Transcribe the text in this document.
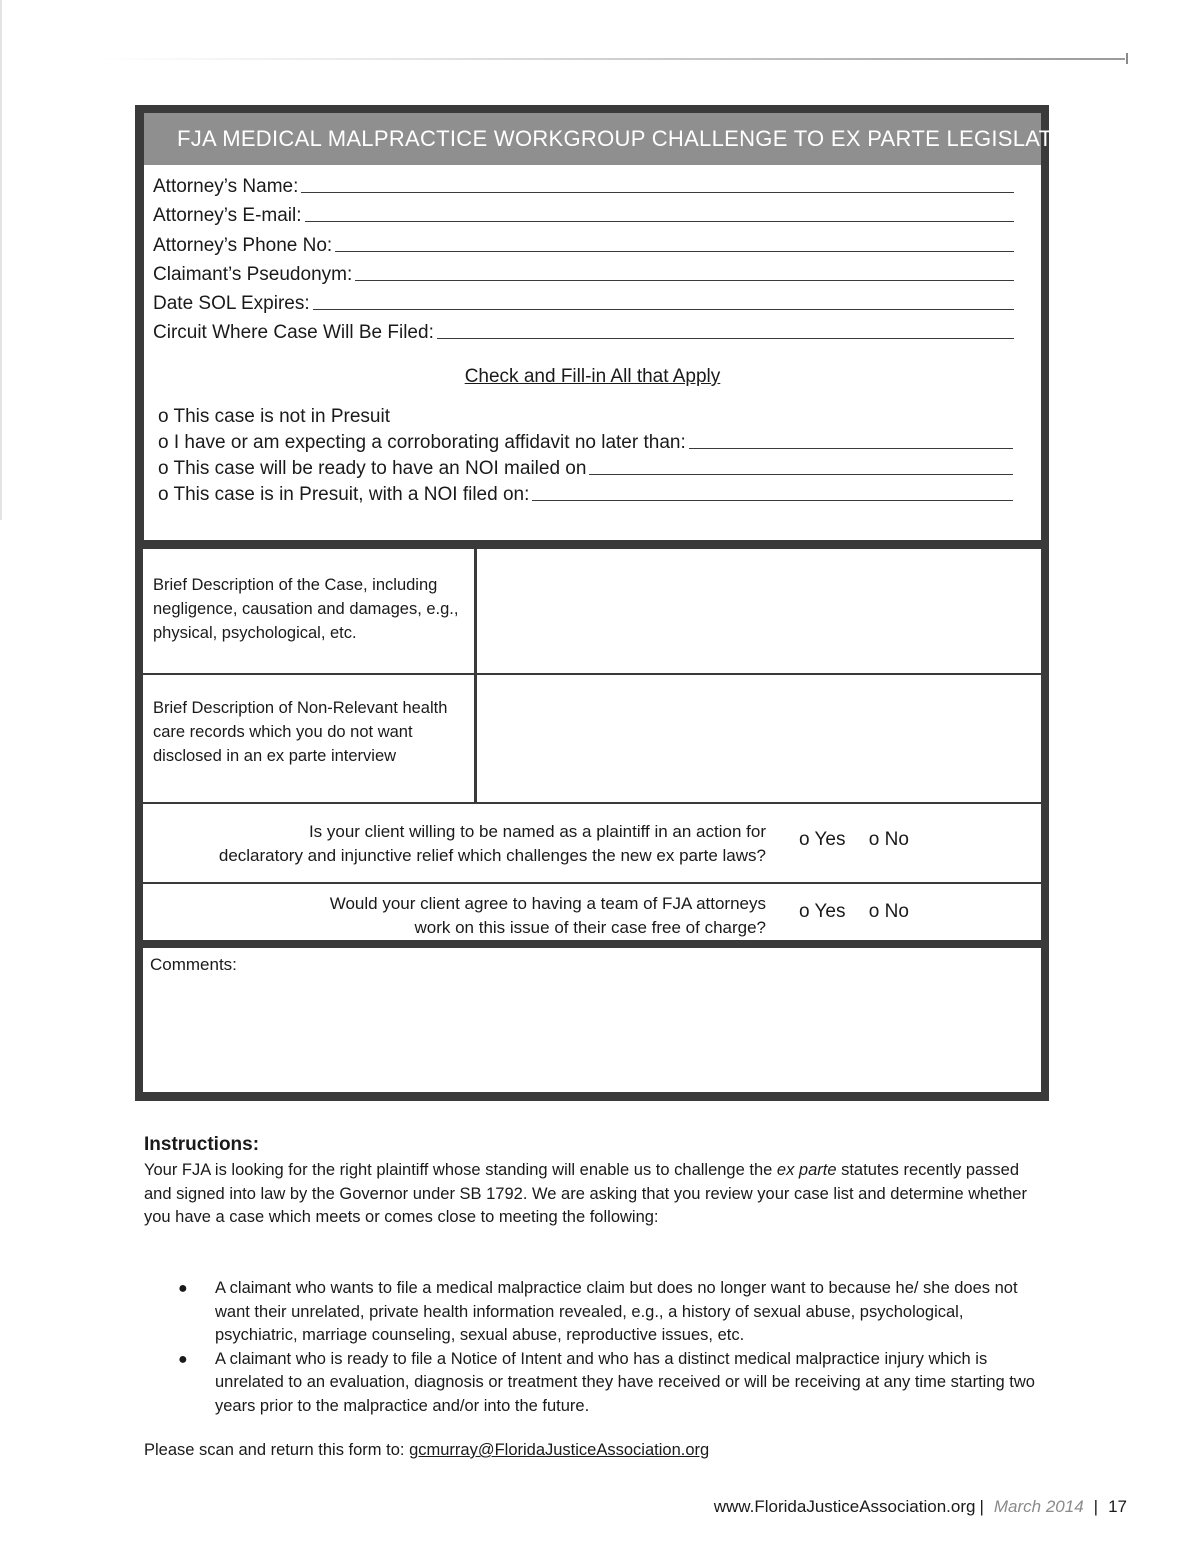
FJA MEDICAL MALPRACTICE WORKGROUP CHALLENGE TO EX PARTE LEGISLATION
Attorney’s Name:
Attorney’s E-mail:
Attorney’s Phone No:
Claimant’s Pseudonym:
Date SOL Expires:
Circuit Where Case Will Be Filed:
Check and Fill-in All that Apply
o This case is not in Presuit
o I have or am expecting a corroborating affidavit no later than:
o This case will be ready to have an NOI mailed on
o This case is in Presuit, with a NOI filed on:
Brief Description of the Case, including negligence, causation and damages, e.g., physical, psychological, etc.
Brief Description of Non-Relevant health care records which you do not want disclosed in an ex parte interview
Is your client willing to be named as a plaintiff in an action for
declaratory and injunctive relief which challenges the new ex parte laws?
o Yes o No
Would your client agree to having a team of FJA attorneys
work on this issue of their case free of charge?
o Yes o No
Comments:
Instructions:
Your FJA is looking for the right plaintiff whose standing will enable us to challenge the ex parte statutes recently passed and signed into law by the Governor under SB 1792. We are asking that you review your case list and determine whether you have a case which meets or comes close to meeting the following:
● A claimant who wants to file a medical malpractice claim but does no longer want to because he/ she does not want their unrelated, private health information revealed, e.g., a history of sexual abuse, psychological, psychiatric, marriage counseling, sexual abuse, reproductive issues, etc.
● A claimant who is ready to file a Notice of Intent and who has a distinct medical malpractice injury which is unrelated to an evaluation, diagnosis or treatment they have received or will be receiving at any time starting two years prior to the malpractice and/or into the future.
Please scan and return this form to: gcmurray@FloridaJusticeAssociation.org
www.FloridaJusticeAssociation.org | March 2014 | 17
